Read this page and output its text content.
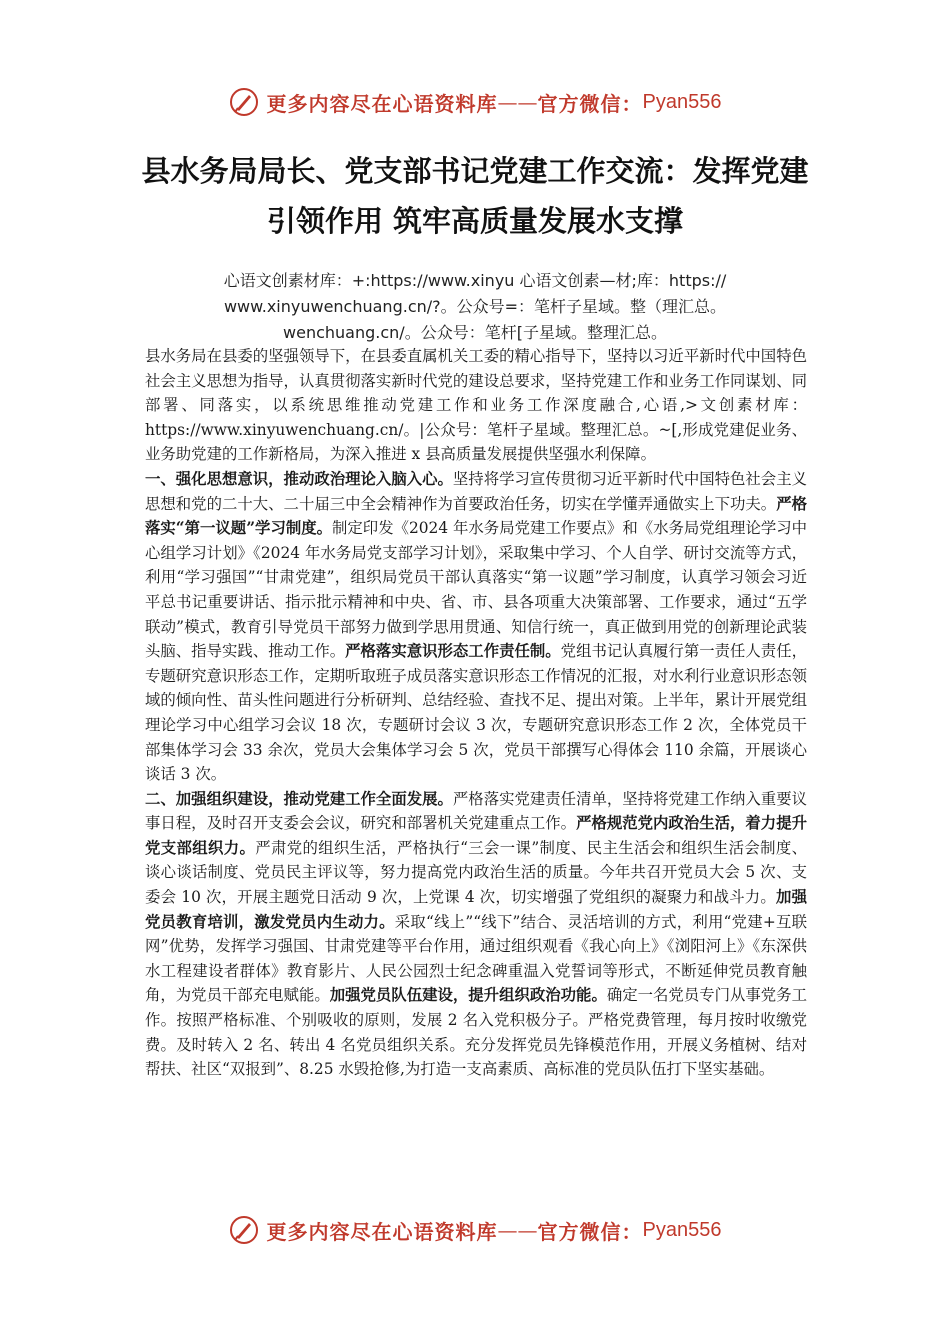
更多内容尽在心语资料库 —— 官方微信： Pyan556
县水务局局长、党支部书记党建工作交流：发挥党建
引领作用 筑牢高质量发展水支撑
心语文创素材库：+:https://www.xinyu 心语文创素—材;库：https://
www.xinyuwenchuang.cn/?。公众号=：笔杆子星域。整（理汇总。
wenchuang.cn/。公众号：笔杆[子星域。整理汇总。

县水务局在县委的坚强领导下，在县委直属机关工委的精心指导下，坚持以习近平新时代中国特色社会主义思想为指导，认真贯彻落实新时代党的建设总要求，坚持党建工作和业务工作同谋划、同部署、同落实，以系统思维推动党建工作和业务工作深度融合,心语,>文创素材库：https://www.xinyuwenchuang.cn/。|公众号：笔杆子星域。整理汇总。~[,形成党建促业务、业务助党建的工作新格局，为深入推进 x 县高质量发展提供坚强水利保障。

一、强化思想意识，推动政治理论入脑入心。坚持将学习宣传贯彻习近平新时代中国特色社会主义思想和党的二十大、二十届三中全会精神作为首要政治任务，切实在学懂弄通做实上下功夫。严格落实“第一议题”学习制度。制定印发《2024 年水务局党建工作要点》和《水务局党组理论学习中心组学习计划》《2024 年水务局党支部学习计划》，采取集中学习、个人自学、研讨交流等方式，利用“学习强国”“甘肃党建”，组织局党员干部认真落实“第一议题”学习制度，认真学习领会习近平总书记重要讲话、指示批示精神和中央、省、市、县各项重大决策部署、工作要求，通过“五学联动”模式，教育引导党员干部努力做到学思用贯通、知信行统一，真正做到用党的创新理论武装头脑、指导实践、推动工作。严格落实意识形态工作责任制。党组书记认真履行第一责任人责任，专题研究意识形态工作，定期听取班子成员落实意识形态工作情况的汇报，对水利行业意识形态领域的倾向性、苗头性问题进行分析研判、总结经验、查找不足、提出对策。上半年，累计开展党组理论学习中心组学习会议 18 次，专题研讨会议 3 次，专题研究意识形态工作 2 次，全体党员干部集体学习会 33 余次，党员大会集体学习会 5 次，党员干部撰写心得体会 110 余篇，开展谈心谈话 3 次。

二、加强组织建设，推动党建工作全面发展。严格落实党建责任清单，坚持将党建工作纳入重要议事日程，及时召开支委会会议，研究和部署机关党建重点工作。严格规范党内政治生活，着力提升党支部组织力。严肃党的组织生活，严格执行“三会一课”制度、民主生活会和组织生活会制度、谈心谈话制度、党员民主评议等，努力提高党内政治生活的质量。今年共召开党员大会 5 次、支委会 10 次，开展主题党日活动 9 次，上党课 4 次，切实增强了党组织的凝聚力和战斗力。加强党员教育培训，激发党员内生动力。采取“线上”“线下”结合、灵活培训的方式，利用“党建+互联网”优势，发挥学习强国、甘肃党建等平台作用，通过组织观看《我心向上》《浏阳河上》《东深供水工程建设者群体》教育影片、人民公园烈士纪念碑重温入党誓词等形式，不断延伸党员教育触角，为党员干部充电赋能。加强党员队伍建设，提升组织政治功能。确定一名党员专门从事党务工作。按照严格标准、个别吸收的原则，发展 2 名入党积极分子。严格党费管理，每月按时收缴党费。及时转入 2 名、转出 4 名党员组织关系。充分发挥党员先锋模范作用，开展义务植树、结对帮扶、社区“双报到”、8.25 水毁抢修,为打造一支高素质、高标准的党员队伍打下坚实基础。

更多内容尽在心语资料库 —— 官方微信： Pyan556
